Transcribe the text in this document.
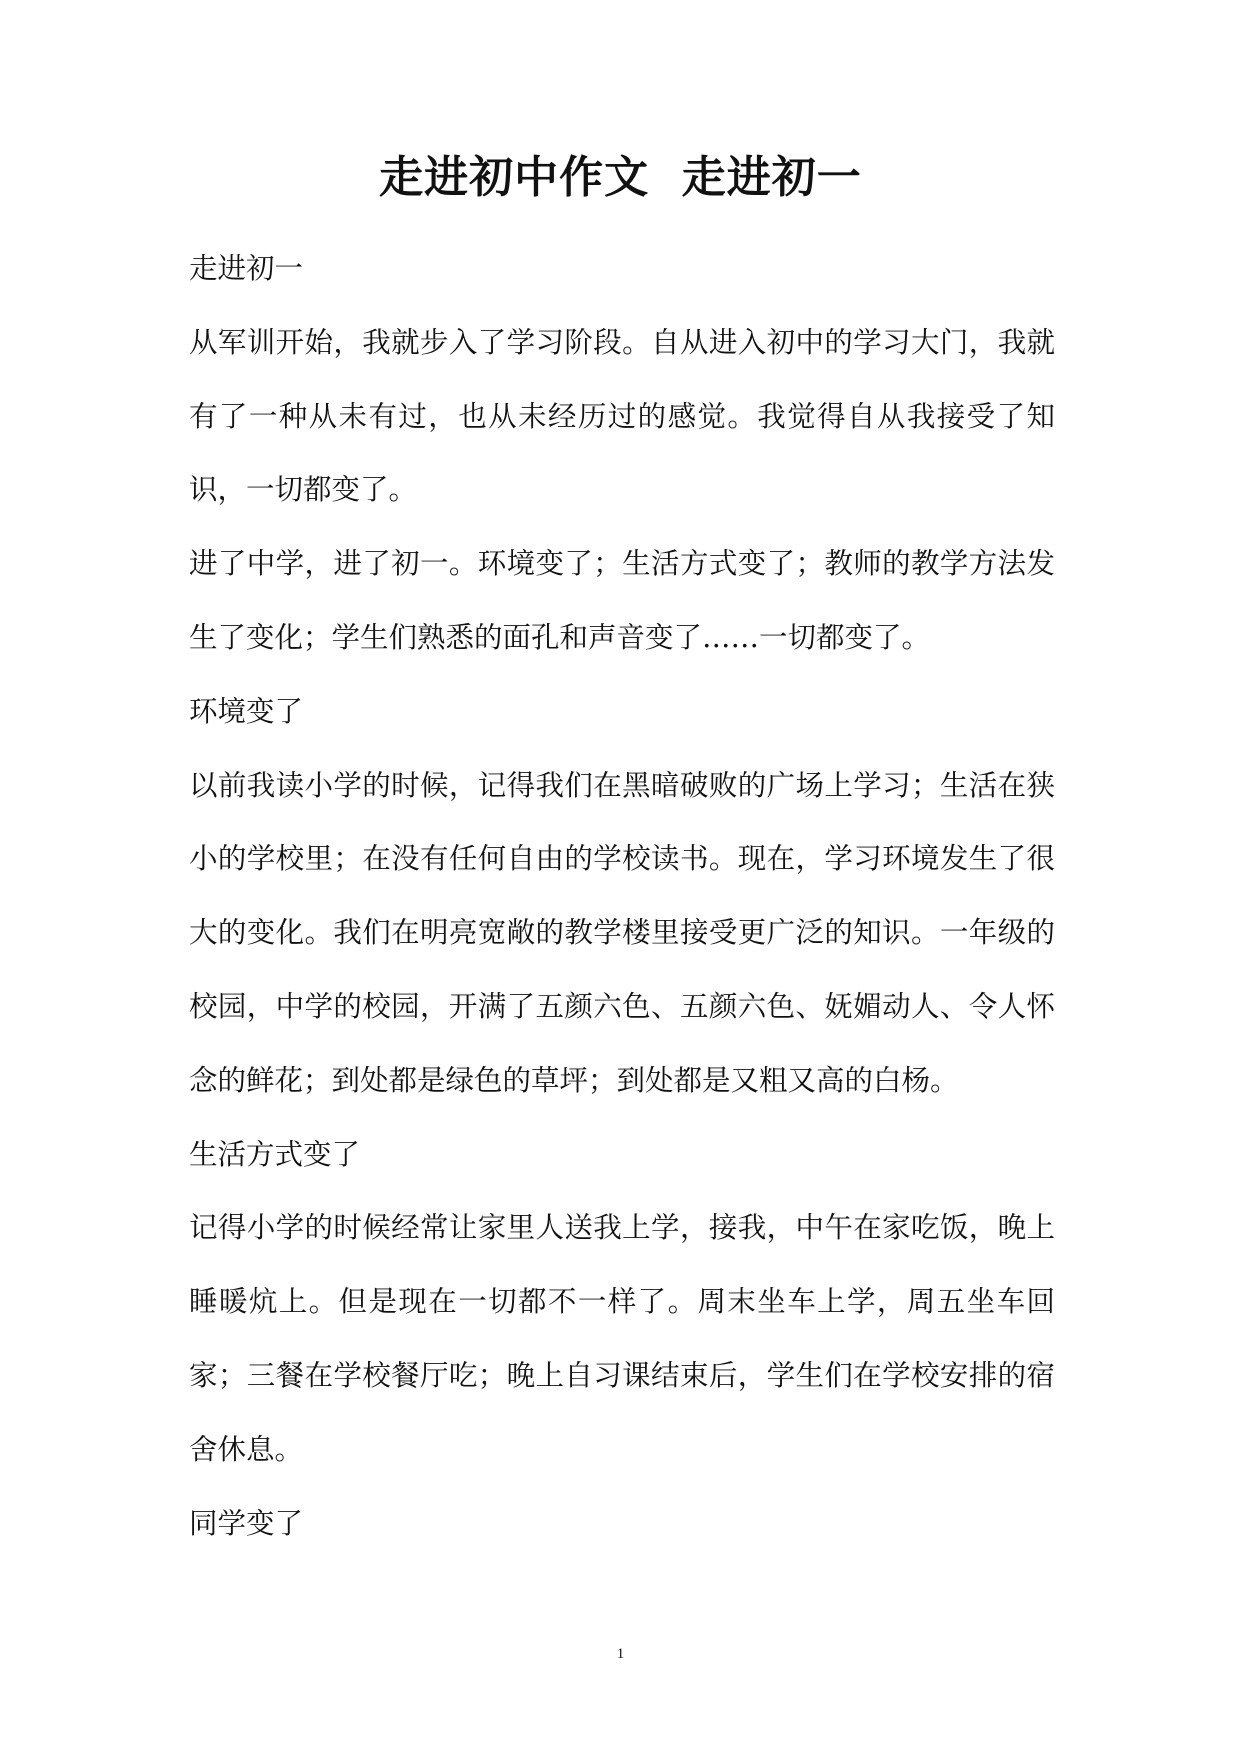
走进初中作文  走进初一

走进初一

从军训开始，我就步入了学习阶段。自从进入初中的学习大门，我就有了一种从未有过，也从未经历过的感觉。我觉得自从我接受了知识，一切都变了。

进了中学，进了初一。环境变了；生活方式变了；教师的教学方法发生了变化；学生们熟悉的面孔和声音变了……一切都变了。

环境变了

以前我读小学的时候，记得我们在黑暗破败的广场上学习；生活在狭小的学校里；在没有任何自由的学校读书。现在，学习环境发生了很大的变化。我们在明亮宽敞的教学楼里接受更广泛的知识。一年级的校园，中学的校园，开满了五颜六色、五颜六色、妩媚动人、令人怀念的鲜花；到处都是绿色的草坪；到处都是又粗又高的白杨。

生活方式变了

记得小学的时候经常让家里人送我上学，接我，中午在家吃饭，晚上睡暖炕上。但是现在一切都不一样了。周末坐车上学，周五坐车回家；三餐在学校餐厅吃；晚上自习课结束后，学生们在学校安排的宿舍休息。

同学变了

1
